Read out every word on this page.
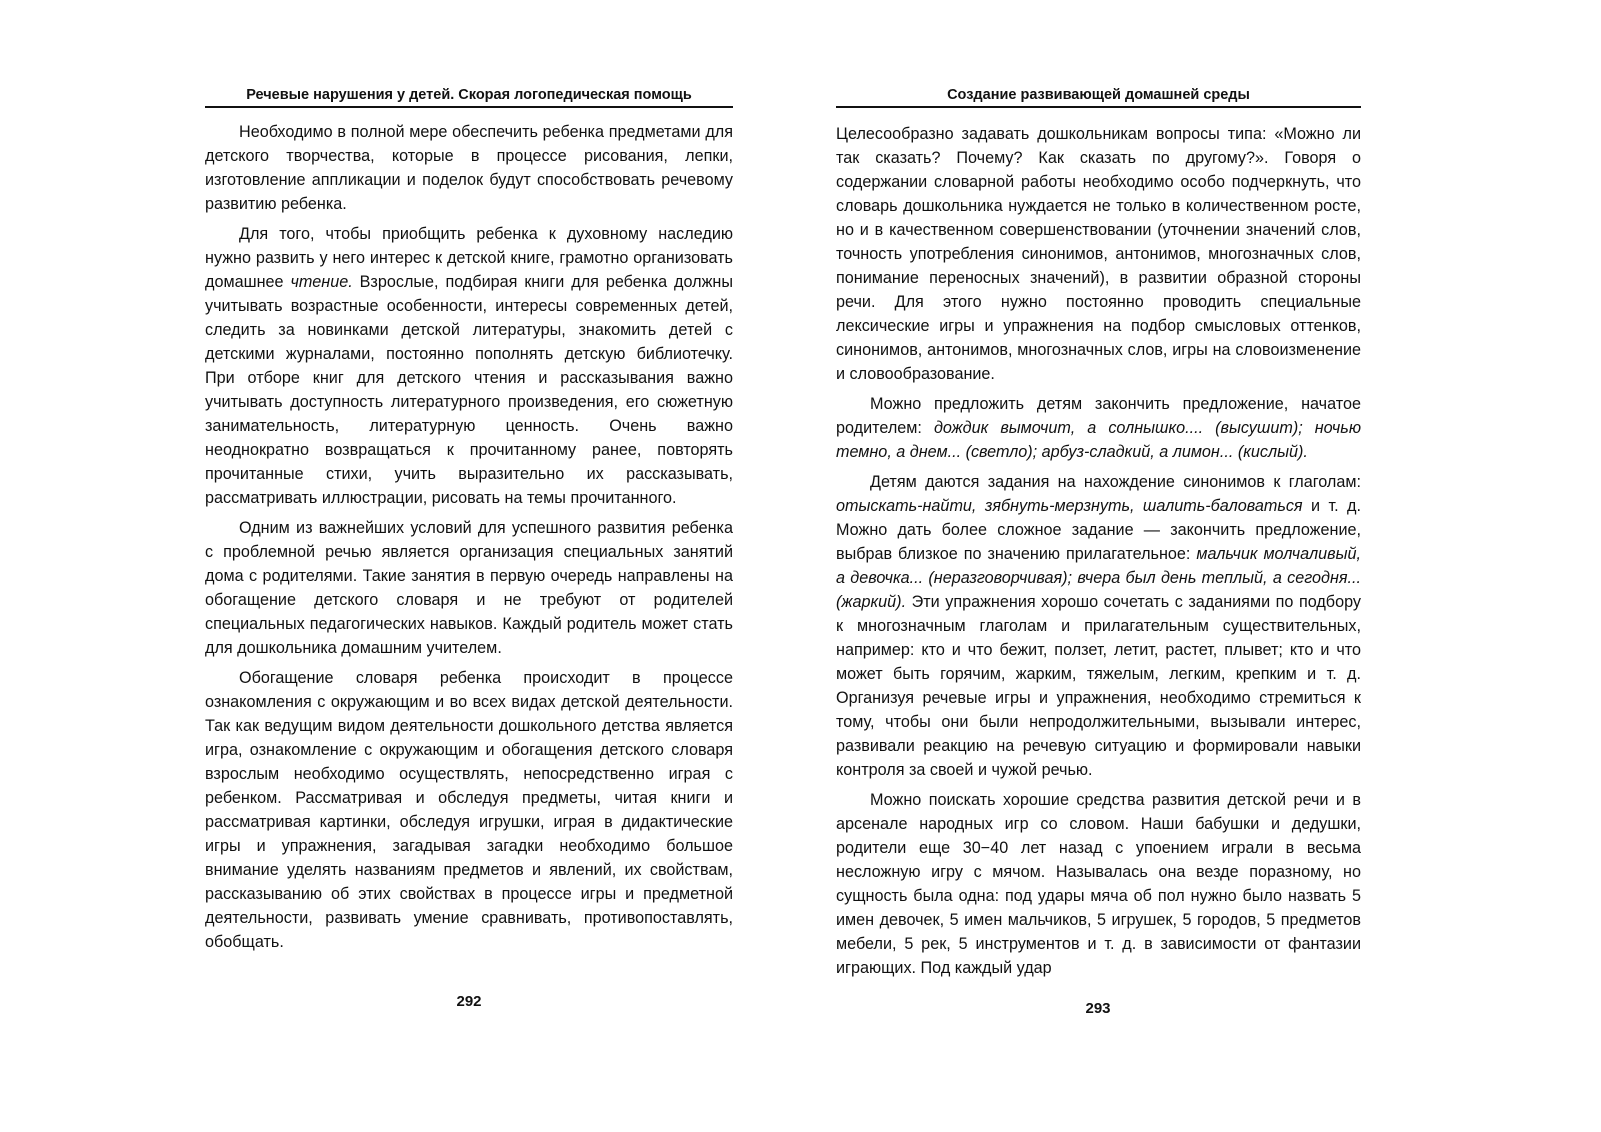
Речевые нарушения у детей. Скорая логопедическая помощь

Необходимо в полной мере обеспечить ребенка предметами для детского творчества, которые в процессе рисования, лепки, изготовление аппликации и поделок будут способствовать речевому развитию ребенка.

Для того, чтобы приобщить ребенка к духовному наследию нужно развить у него интерес к детской книге, грамотно организовать домашнее чтение. Взрослые, подбирая книги для ребенка должны учитывать возрастные особенности, интересы современных детей, следить за новинками детской литературы, знакомить детей с детскими журналами, постоянно пополнять детскую библиотечку. При отборе книг для детского чтения и рассказывания важно учитывать доступность литературного произведения, его сюжетную занимательность, литературную ценность. Очень важно неоднократно возвращаться к прочитанному ранее, повторять прочитанные стихи, учить выразительно их рассказывать, рассматривать иллюстрации, рисовать на темы прочитанного.

Одним из важнейших условий для успешного развития ребенка с проблемной речью является организация специальных занятий дома с родителями. Такие занятия в первую очередь направлены на обогащение детского словаря и не требуют от родителей специальных педагогических навыков. Каждый родитель может стать для дошкольника домашним учителем.

Обогащение словаря ребенка происходит в процессе ознакомления с окружающим и во всех видах детской деятельности. Так как ведущим видом деятельности дошкольного детства является игра, ознакомление с окружающим и обогащения детского словаря взрослым необходимо осуществлять, непосредственно играя с ребенком. Рассматривая и обследуя предметы, читая книги и рассматривая картинки, обследуя игрушки, играя в дидактические игры и упражнения, загадывая загадки необходимо большое внимание уделять названиям предметов и явлений, их свойствам, рассказыванию об этих свойствах в процессе игры и предметной деятельности, развивать умение сравнивать, противопоставлять, обобщать.

292
Создание развивающей домашней среды

Целесообразно задавать дошкольникам вопросы типа: «Можно ли так сказать? Почему? Как сказать по другому?». Говоря о содержании словарной работы необходимо особо подчеркнуть, что словарь дошкольника нуждается не только в количественном росте, но и в качественном совершенствовании (уточнении значений слов, точность употребления синонимов, антонимов, многозначных слов, понимание переносных значений), в развитии образной стороны речи. Для этого нужно постоянно проводить специальные лексические игры и упражнения на подбор смысловых оттенков, синонимов, антонимов, многозначных слов, игры на словоизменение и словообразование.

Можно предложить детям закончить предложение, начатое родителем: дождик вымочит, а солнышко.... (высушит); ночью темно, а днем... (светло); арбуз-сладкий, а лимон... (кислый).

Детям даются задания на нахождение синонимов к глаголам: отыскать-найти, зябнуть-мерзнуть, шалить-баловаться и т. д. Можно дать более сложное задание — закончить предложение, выбрав близкое по значению прилагательное: мальчик молчаливый, а девочка... (неразговорчивая); вчера был день теплый, а сегодня... (жаркий). Эти упражнения хорошо сочетать с заданиями по подбору к многозначным глаголам и прилагательным существительных, например: кто и что бежит, ползет, летит, растет, плывет; кто и что может быть горячим, жарким, тяжелым, легким, крепким и т. д. Организуя речевые игры и упражнения, необходимо стремиться к тому, чтобы они были непродолжительными, вызывали интерес, развивали реакцию на речевую ситуацию и формировали навыки контроля за своей и чужой речью.

Можно поискать хорошие средства развития детской речи и в арсенале народных игр со словом. Наши бабушки и дедушки, родители еще 30−40 лет назад с упоением играли в весьма несложную игру с мячом. Называлась она везде поразному, но сущность была одна: под удары мяча об пол нужно было назвать 5 имен девочек, 5 имен мальчиков, 5 игрушек, 5 городов, 5 предметов мебели, 5 рек, 5 инструментов и т. д. в зависимости от фантазии играющих. Под каждый удар

293
